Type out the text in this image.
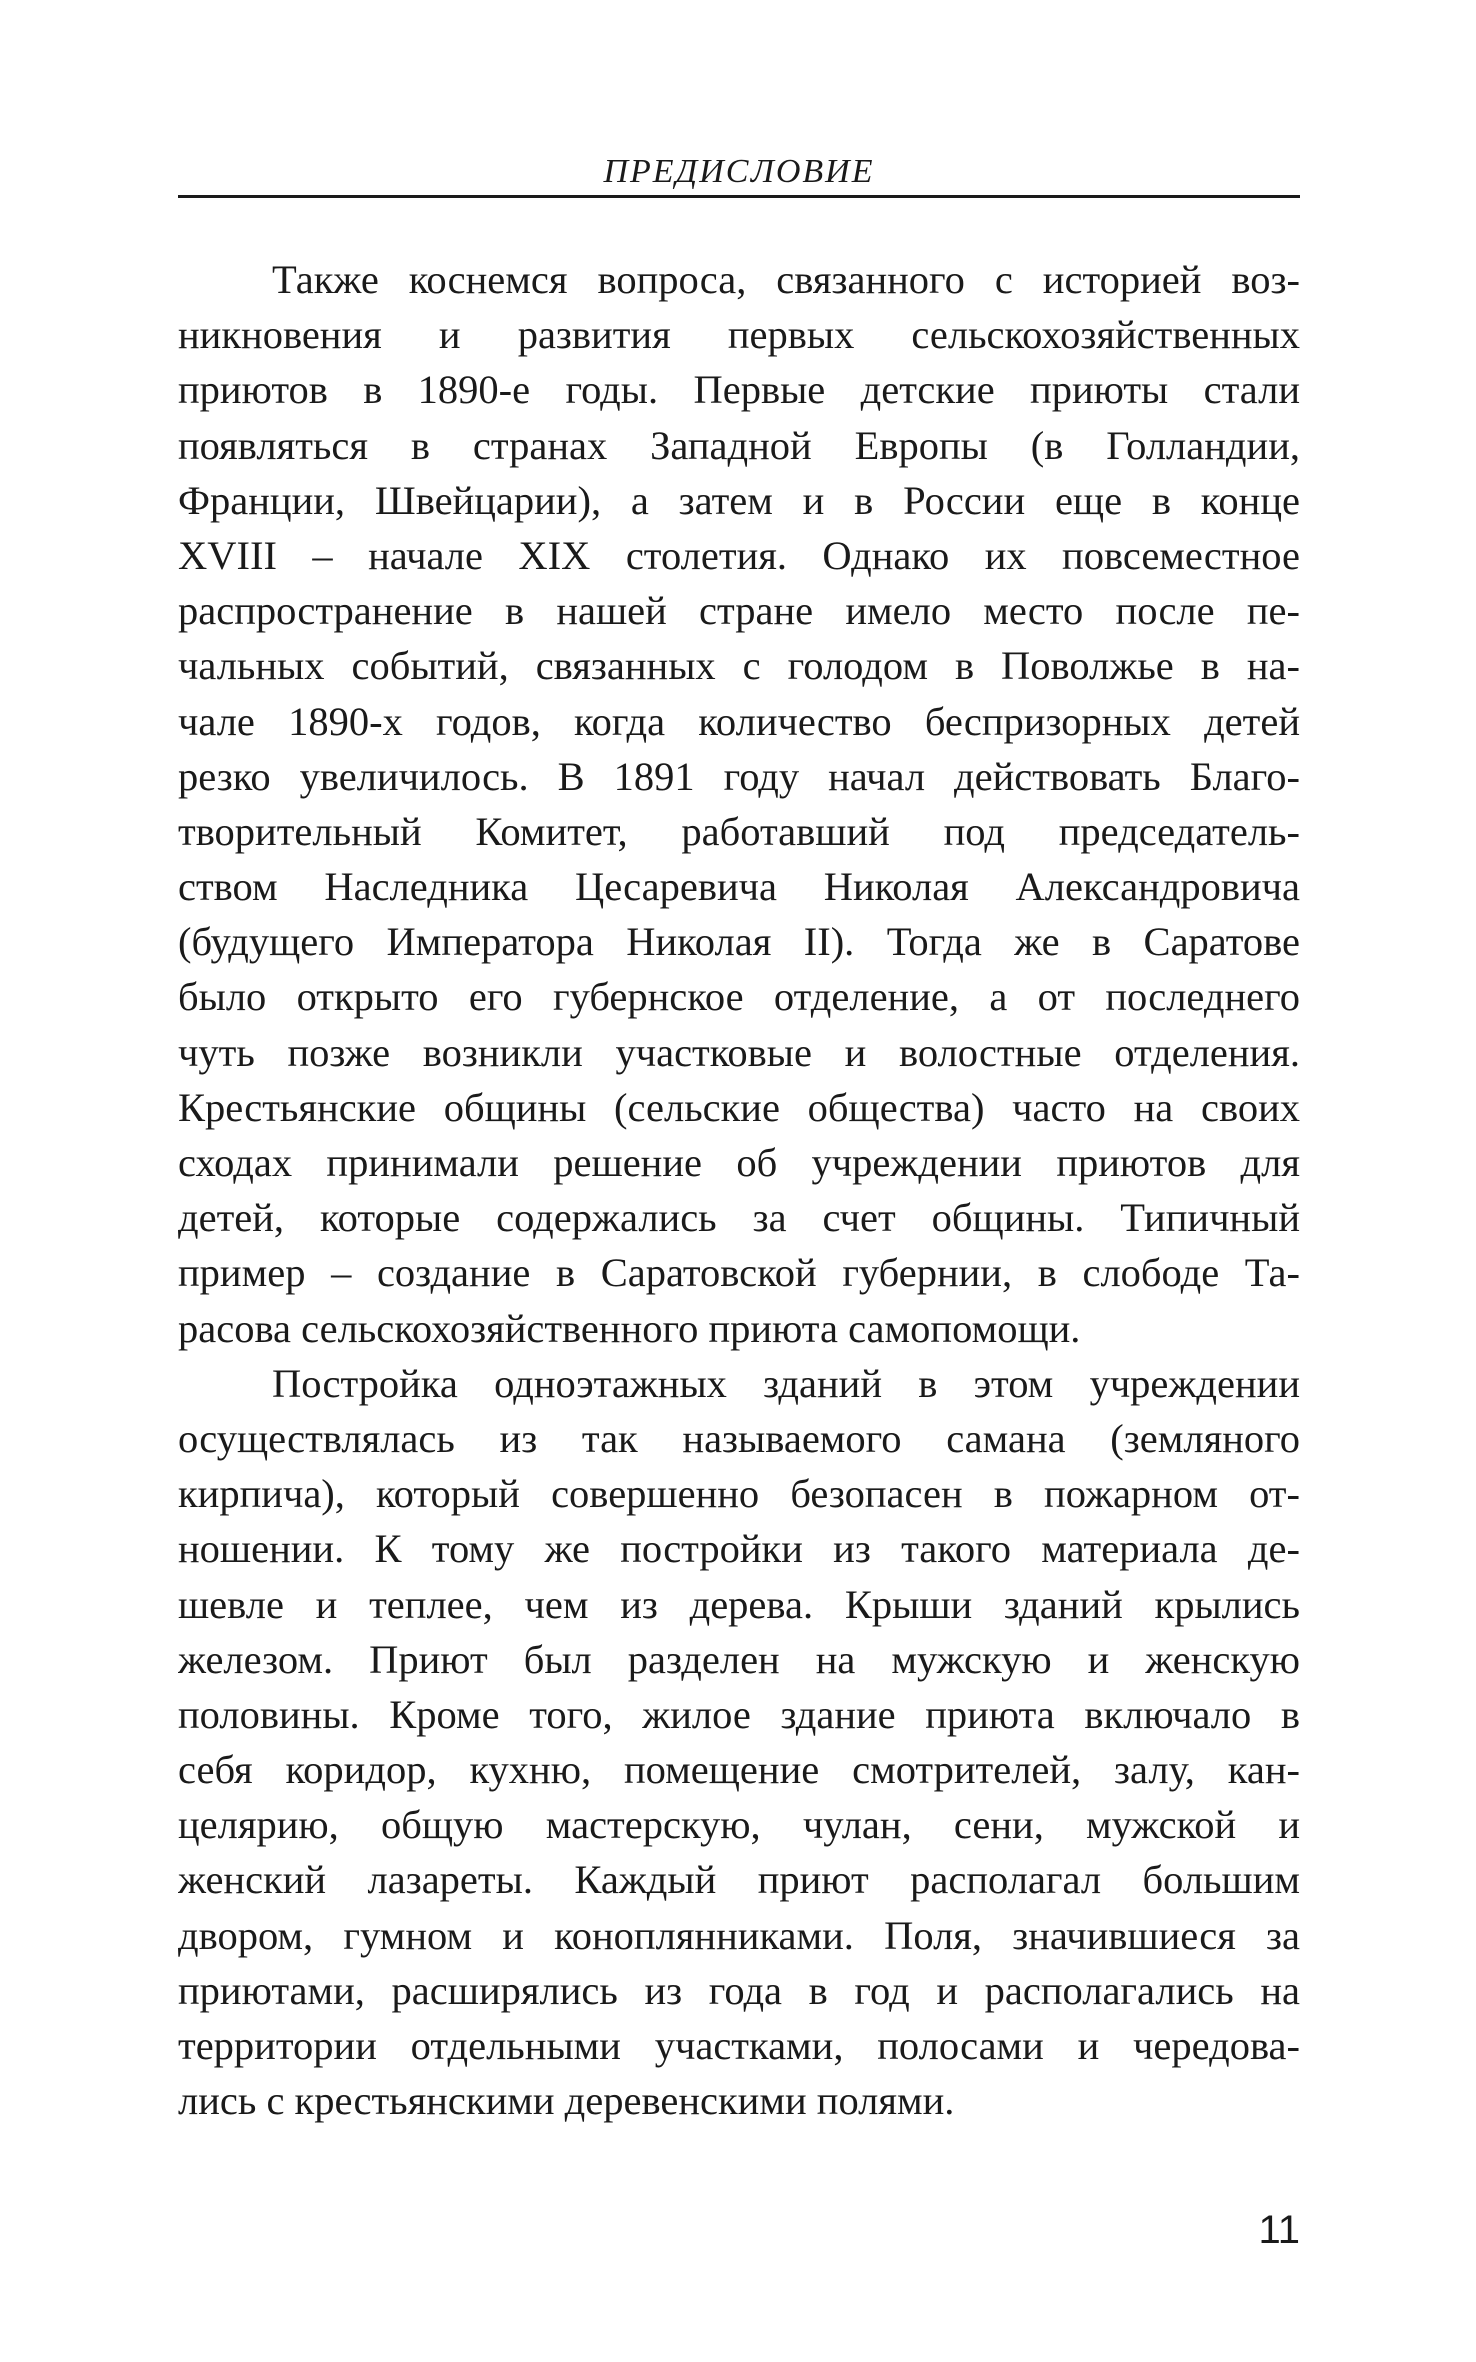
ПРЕДИСЛОВИЕ
Также коснемся вопроса, связанного с историей воз-
никновения и развития первых сельскохозяйственных
приютов в 1890-е годы. Первые детские приюты стали
появляться в странах Западной Европы (в Голландии,
Франции, Швейцарии), а затем и в России еще в конце
XVIII – начале XIX столетия. Однако их повсеместное
распространение в нашей стране имело место после пе-
чальных событий, связанных с голодом в Поволжье в на-
чале 1890-х годов, когда количество беспризорных детей
резко увеличилось. В 1891 году начал действовать Благо-
творительный Комитет, работавший под председатель-
ством Наследника Цесаревича Николая Александровича
(будущего Императора Николая II). Тогда же в Саратове
было открыто его губернское отделение, а от последнего
чуть позже возникли участковые и волостные отделения.
Крестьянские общины (сельские общества) часто на своих
сходах принимали решение об учреждении приютов для
детей, которые содержались за счет общины. Типичный
пример – создание в Саратовской губернии, в слободе Та-
расова сельскохозяйственного приюта самопомощи.
Постройка одноэтажных зданий в этом учреждении
осуществлялась из так называемого самана (земляного
кирпича), который совершенно безопасен в пожарном от-
ношении. К тому же постройки из такого материала де-
шевле и теплее, чем из дерева. Крыши зданий крылись
железом. Приют был разделен на мужскую и женскую
половины. Кроме того, жилое здание приюта включало в
себя коридор, кухню, помещение смотрителей, залу, кан-
целярию, общую мастерскую, чулан, сени, мужской и
женский лазареты. Каждый приют располагал большим
двором, гумном и коноплянниками. Поля, значившиеся за
приютами, расширялись из года в год и располагались на
территории отдельными участками, полосами и чередова-
лись с крестьянскими деревенскими полями.
11
